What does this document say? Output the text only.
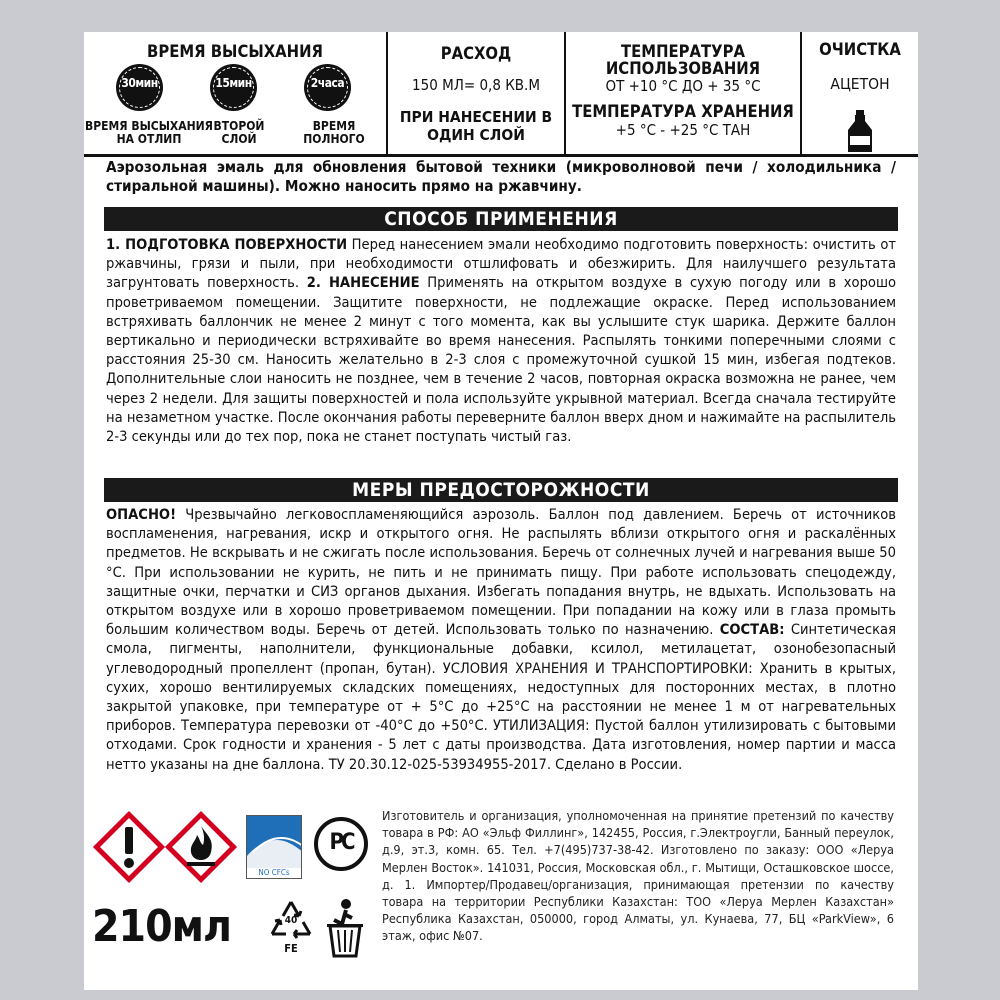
ВРЕМЯ ВЫСЫХАНИЯ
30мин	15мин	2часа
ВРЕМЯ ВЫСЫХАНИЯ
НА ОТЛИП
ВТОРОЙ
СЛОЙ
ВРЕМЯ
ПОЛНОГО
РАСХОД
150 МЛ= 0,8 КВ.М
ПРИ НАНЕСЕНИИ В
ОДИН СЛОЙ
ТЕМПЕРАТУРА
ИСПОЛЬЗОВАНИЯ
ОТ +10 °С ДО + 35 °С
ТЕМПЕРАТУРА ХРАНЕНИЯ
+5 °С - +25 °С ТАН
ОЧИСТКА
АЦЕТОН
Аэрозольная эмаль для обновления бытовой техники (микроволновой печи / холодильника / стиральной машины). Можно наносить прямо на ржавчину.
СПОСОБ ПРИМЕНЕНИЯ
1. ПОДГОТОВКА ПОВЕРХНОСТИ Перед нанесением эмали необходимо подготовить поверхность: очистить от ржавчины, грязи и пыли, при необходимости отшлифовать и обезжирить. Для наилучшего результата загрунтовать поверхность. 2. НАНЕСЕНИЕ Применять на открытом воздухе в сухую погоду или в хорошо проветриваемом помещении. Защитите поверхности, не подлежащие окраске. Перед использованием встряхивать баллончик не менее 2 минут с того момента, как вы услышите стук шарика. Держите баллон вертикально и периодически встряхивайте во время нанесения. Распылять тонкими поперечными слоями с расстояния 25-30 см. Наносить желательно в 2-3 слоя с промежуточной сушкой 15 мин, избегая подтеков. Дополнительные слои наносить не позднее, чем в течение 2 часов, повторная окраска возможна не ранее, чем через 2 недели. Для защиты поверхностей и пола используйте укрывной материал. Всегда сначала тестируйте на незаметном участке. После окончания работы переверните баллон вверх дном и нажимайте на распылитель 2-3 секунды или до тех пор, пока не станет поступать чистый газ.
МЕРЫ ПРЕДОСТОРОЖНОСТИ
ОПАСНО! Чрезвычайно легковоспламеняющийся аэрозоль. Баллон под давлением. Беречь от источников воспламенения, нагревания, искр и открытого огня. Не распылять вблизи открытого огня и раскалённых предметов. Не вскрывать и не сжигать после использования. Беречь от солнечных лучей и нагревания выше 50 °С. При использовании не курить, не пить и не принимать пищу. При работе использовать спецодежду, защитные очки, перчатки и СИЗ органов дыхания. Избегать попадания внутрь, не вдыхать. Использовать на открытом воздухе или в хорошо проветриваемом помещении. При попадании на кожу или в глаза промыть большим количеством воды. Беречь от детей. Использовать только по назначению. СОСТАВ: Синтетическая смола, пигменты, наполнители, функциональные добавки, ксилол, метилацетат, озонобезопасный углеводородный пропеллент (пропан, бутан). УСЛОВИЯ ХРАНЕНИЯ И ТРАНСПОРТИРОВКИ: Хранить в крытых, сухих, хорошо вентилируемых складских помещениях, недоступных для посторонних местах, в плотно закрытой упаковке, при температуре от + 5°С до +25°С на расстоянии не менее 1 м от нагревательных приборов. Температура перевозки от -40°С до +50°С. УТИЛИЗАЦИЯ: Пустой баллон утилизировать с бытовыми отходами. Срок годности и хранения - 5 лет с даты производства. Дата изготовления, номер партии и масса нетто указаны на дне баллона. ТУ 20.30.12-025-53934955-2017. Сделано в России.
NO CFCs
РС
210мл	40
FE
Изготовитель и организация, уполномоченная на принятие претензий по качеству товара в РФ: АО «Эльф Филлинг», 142455, Россия, г.Электроугли, Банный переулок, д.9, эт.3, комн. 65. Тел. +7(495)737-38-42. Изготовлено по заказу: ООО «Леруа Мерлен Восток». 141031, Россия, Московская обл., г. Мытищи, Осташковское шоссе, д. 1. Импортер/Продавец/организация, принимающая претензии по качеству товара на территории Республики Казахстан: ТОО «Леруа Мерлен Казахстан» Республика Казахстан, 050000, город Алматы, ул. Кунаева, 77, БЦ «ParkView», 6 этаж, офис №07.
